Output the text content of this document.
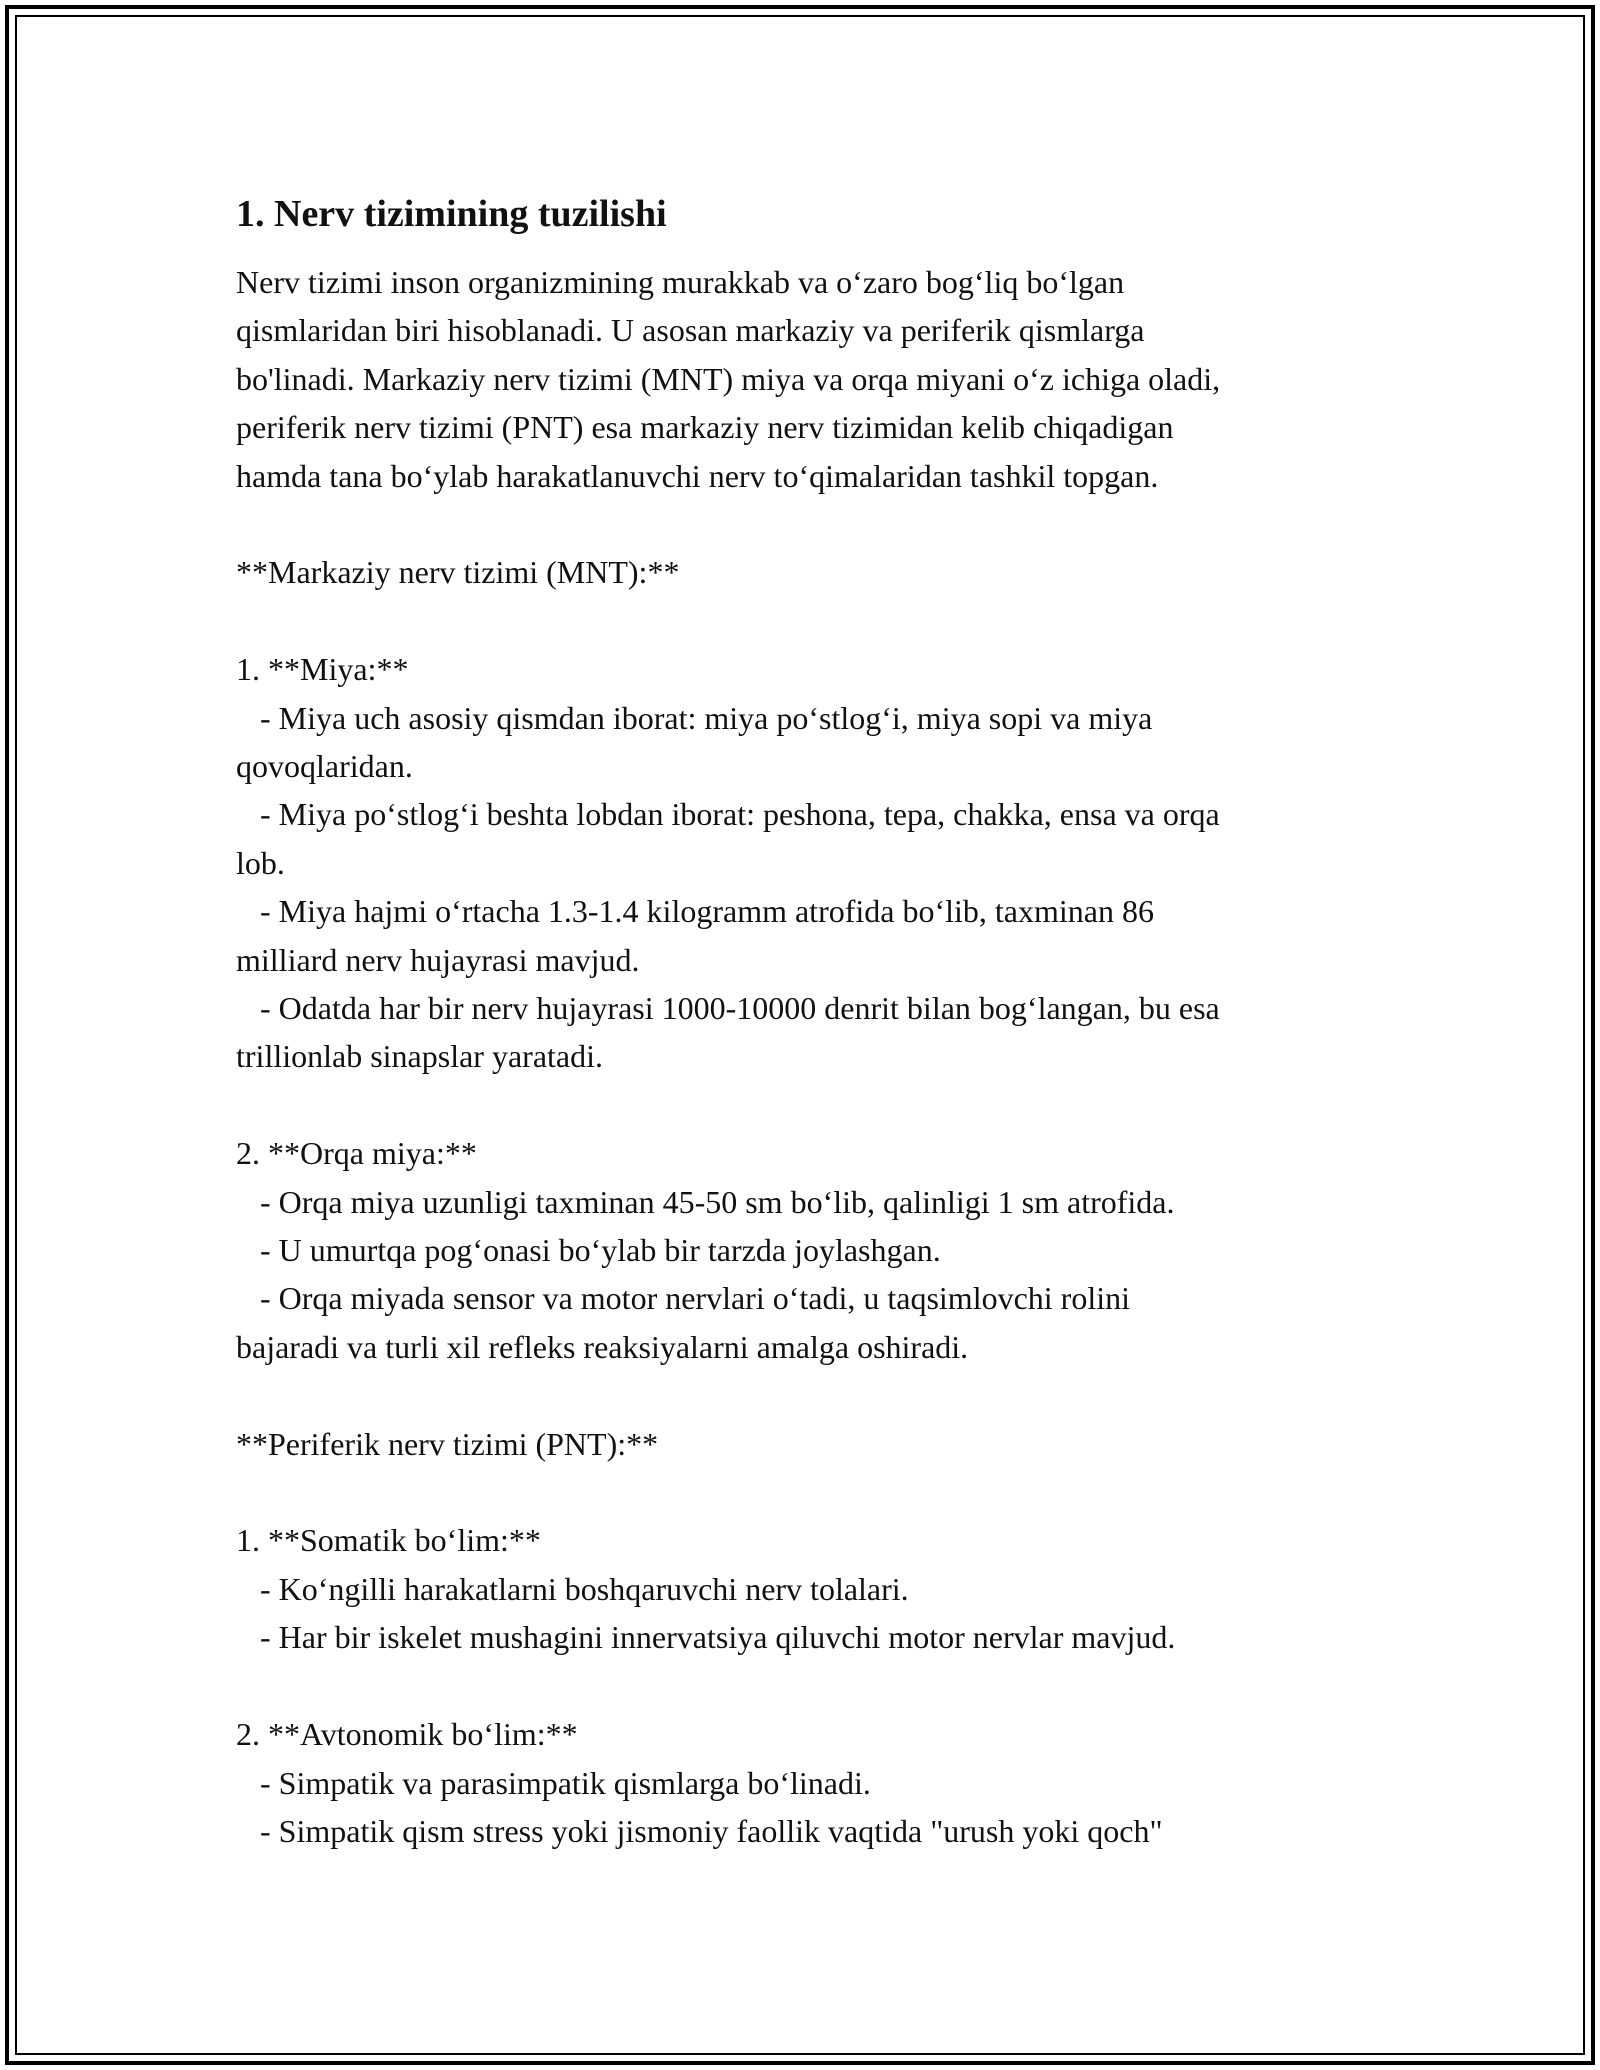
1. Nerv tizimining tuzilishi
Nerv tizimi inson organizmining murakkab va o‘zaro bog‘liq bo‘lgan
qismlaridan biri hisoblanadi. U asosan markaziy va periferik qismlarga
bo'linadi. Markaziy nerv tizimi (MNT) miya va orqa miyani o‘z ichiga oladi,
periferik nerv tizimi (PNT) esa markaziy nerv tizimidan kelib chiqadigan
hamda tana bo‘ylab harakatlanuvchi nerv to‘qimalaridan tashkil topgan.
**Markaziy nerv tizimi (MNT):**
1. **Miya:**
- Miya uch asosiy qismdan iborat: miya po‘stlog‘i, miya sopi va miya
qovoqlaridan.
- Miya po‘stlog‘i beshta lobdan iborat: peshona, tepa, chakka, ensa va orqa
lob.
- Miya hajmi o‘rtacha 1.3-1.4 kilogramm atrofida bo‘lib, taxminan 86
milliard nerv hujayrasi mavjud.
- Odatda har bir nerv hujayrasi 1000-10000 denrit bilan bog‘langan, bu esa
trillionlab sinapslar yaratadi.
2. **Orqa miya:**
- Orqa miya uzunligi taxminan 45-50 sm bo‘lib, qalinligi 1 sm atrofida.
- U umurtqa pog‘onasi bo‘ylab bir tarzda joylashgan.
- Orqa miyada sensor va motor nervlari o‘tadi, u taqsimlovchi rolini
bajaradi va turli xil refleks reaksiyalarni amalga oshiradi.
**Periferik nerv tizimi (PNT):**
1. **Somatik bo‘lim:**
- Ko‘ngilli harakatlarni boshqaruvchi nerv tolalari.
- Har bir iskelet mushagini innervatsiya qiluvchi motor nervlar mavjud.
2. **Avtonomik bo‘lim:**
- Simpatik va parasimpatik qismlarga bo‘linadi.
- Simpatik qism stress yoki jismoniy faollik vaqtida "urush yoki qoch"
